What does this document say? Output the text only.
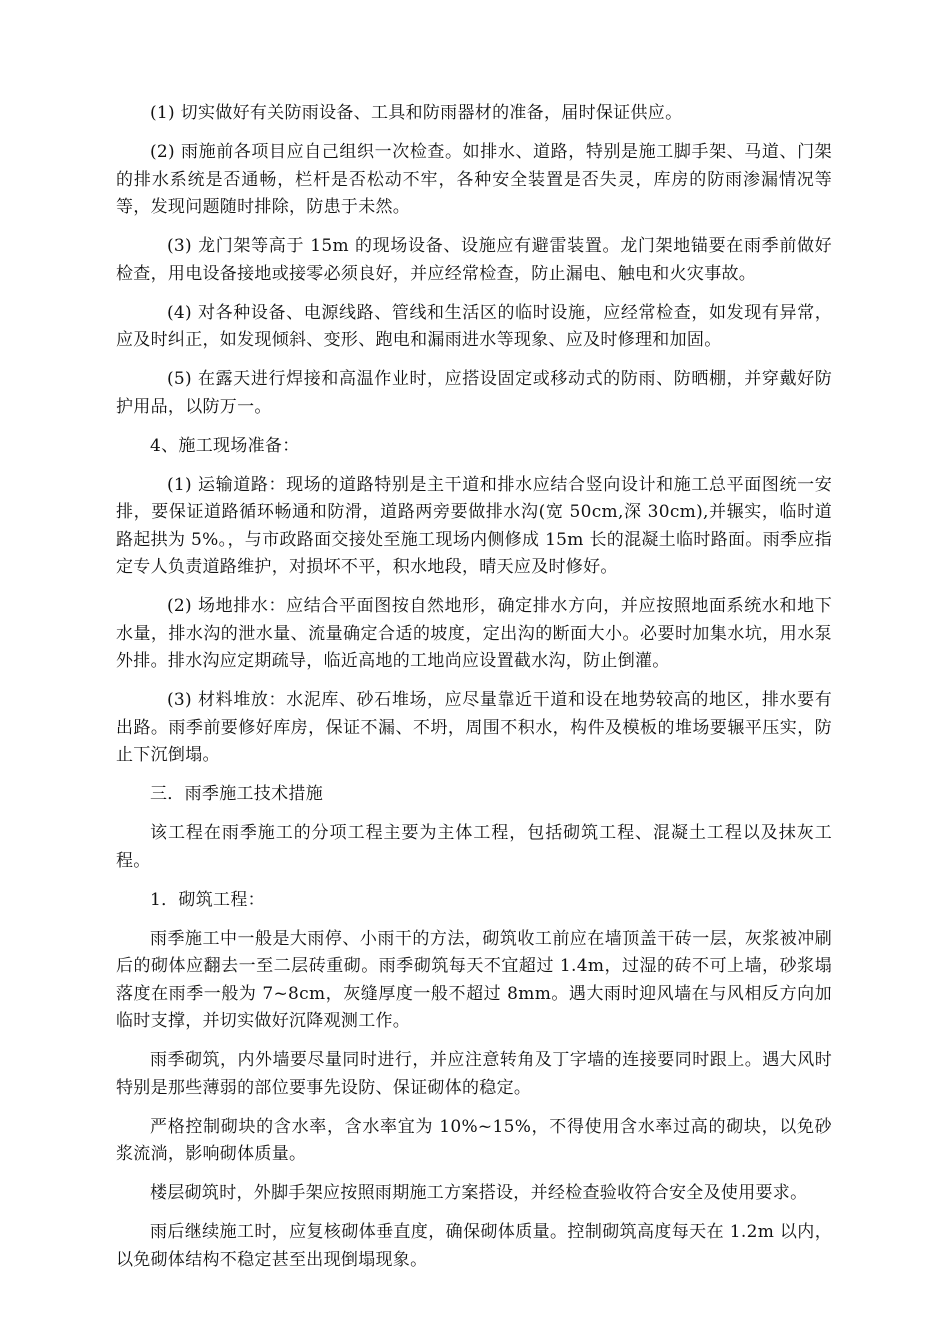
(1) 切实做好有关防雨设备、工具和防雨器材的准备，届时保证供应。

(2) 雨施前各项目应自己组织一次检查。如排水、道路，特别是施工脚手架、马道、门架的排水系统是否通畅，栏杆是否松动不牢，各种安全装置是否失灵，库房的防雨渗漏情况等等，发现问题随时排除，防患于未然。

(3) 龙门架等高于 15m 的现场设备、设施应有避雷装置。龙门架地锚要在雨季前做好检查，用电设备接地或接零必须良好，并应经常检查，防止漏电、触电和火灾事故。

(4) 对各种设备、电源线路、管线和生活区的临时设施，应经常检查，如发现有异常，应及时纠正，如发现倾斜、变形、跑电和漏雨进水等现象、应及时修理和加固。

(5) 在露天进行焊接和高温作业时，应搭设固定或移动式的防雨、防晒棚，并穿戴好防护用品，以防万一。

4、施工现场准备：

(1) 运输道路：现场的道路特别是主干道和排水应结合竖向设计和施工总平面图统一安排，要保证道路循环畅通和防滑，道路两旁要做排水沟(宽 50cm,深 30cm),并辗实，临时道路起拱为 5%。，与市政路面交接处至施工现场内侧修成 15m 长的混凝土临时路面。雨季应指定专人负责道路维护，对损坏不平，积水地段，晴天应及时修好。

(2) 场地排水：应结合平面图按自然地形，确定排水方向，并应按照地面系统水和地下水量，排水沟的泄水量、流量确定合适的坡度，定出沟的断面大小。必要时加集水坑，用水泵外排。排水沟应定期疏导，临近高地的工地尚应设置截水沟，防止倒灌。

(3) 材料堆放：水泥库、砂石堆场，应尽量靠近干道和设在地势较高的地区，排水要有出路。雨季前要修好库房，保证不漏、不坍，周围不积水，构件及模板的堆场要辗平压实，防止下沉倒塌。

三．雨季施工技术措施

该工程在雨季施工的分项工程主要为主体工程，包括砌筑工程、混凝土工程以及抹灰工程。

1．砌筑工程：

雨季施工中一般是大雨停、小雨干的方法，砌筑收工前应在墙顶盖干砖一层，灰浆被冲刷后的砌体应翻去一至二层砖重砌。雨季砌筑每天不宜超过 1.4m，过湿的砖不可上墙，砂浆塌落度在雨季一般为 7~8cm，灰缝厚度一般不超过 8mm。遇大雨时迎风墙在与风相反方向加临时支撑，并切实做好沉降观测工作。

雨季砌筑，内外墙要尽量同时进行，并应注意转角及丁字墙的连接要同时跟上。遇大风时特别是那些薄弱的部位要事先设防、保证砌体的稳定。

严格控制砌块的含水率，含水率宜为 10%~15%，不得使用含水率过高的砌块，以免砂浆流淌，影响砌体质量。

楼层砌筑时，外脚手架应按照雨期施工方案搭设，并经检查验收符合安全及使用要求。

雨后继续施工时，应复核砌体垂直度，确保砌体质量。控制砌筑高度每天在 1.2m 以内，以免砌体结构不稳定甚至出现倒塌现象。
